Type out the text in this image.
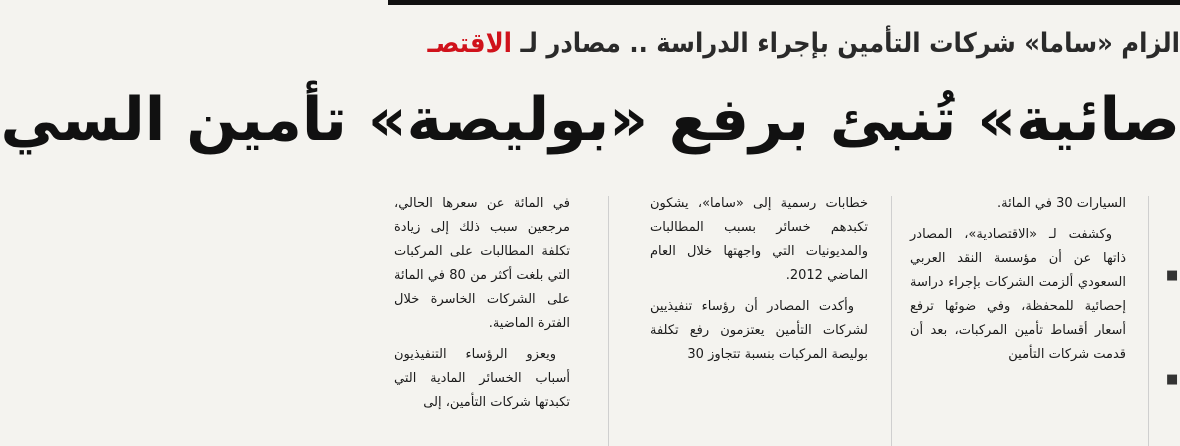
الزام «ساما» شركات التأمين بإجراء الدراسة .. مصادر لـ الاقتصـ
صائية» تُنبئ برفع «بوليصة» تأمين السي

في المائة عن سعرها الحالي، مرجعين سبب ذلك إلى زيادة تكلفة المطالبات على المركبات التي بلغت أكثر من 80 في المائة على الشركات الخاسرة خلال الفترة الماضية.

ويعزو الرؤساء التنفيذيون أسباب الخسائر المادية التي تكبدتها شركات التأمين، إلى

خطابات رسمية إلى «ساما»، يشكون تكبدهم خسائر بسبب المطالبات والمديونيات التي واجهتها خلال العام الماضي 2012.

وأكدت المصادر أن رؤساء تنفيذيين لشركات التأمين يعتزمون رفع تكلفة بوليصة المركبات بنسبة تتجاوز 30

السيارات 30 في المائة.

وكشفت لـ «الاقتصادية»، المصادر ذاتها عن أن مؤسسة النقد العربي السعودي ألزمت الشركات بإجراء دراسة إحصائية للمحفظة، وفي ضوئها ترفع أسعار أقساط تأمين المركبات، بعد أن قدمت شركات التأمين

■
■
